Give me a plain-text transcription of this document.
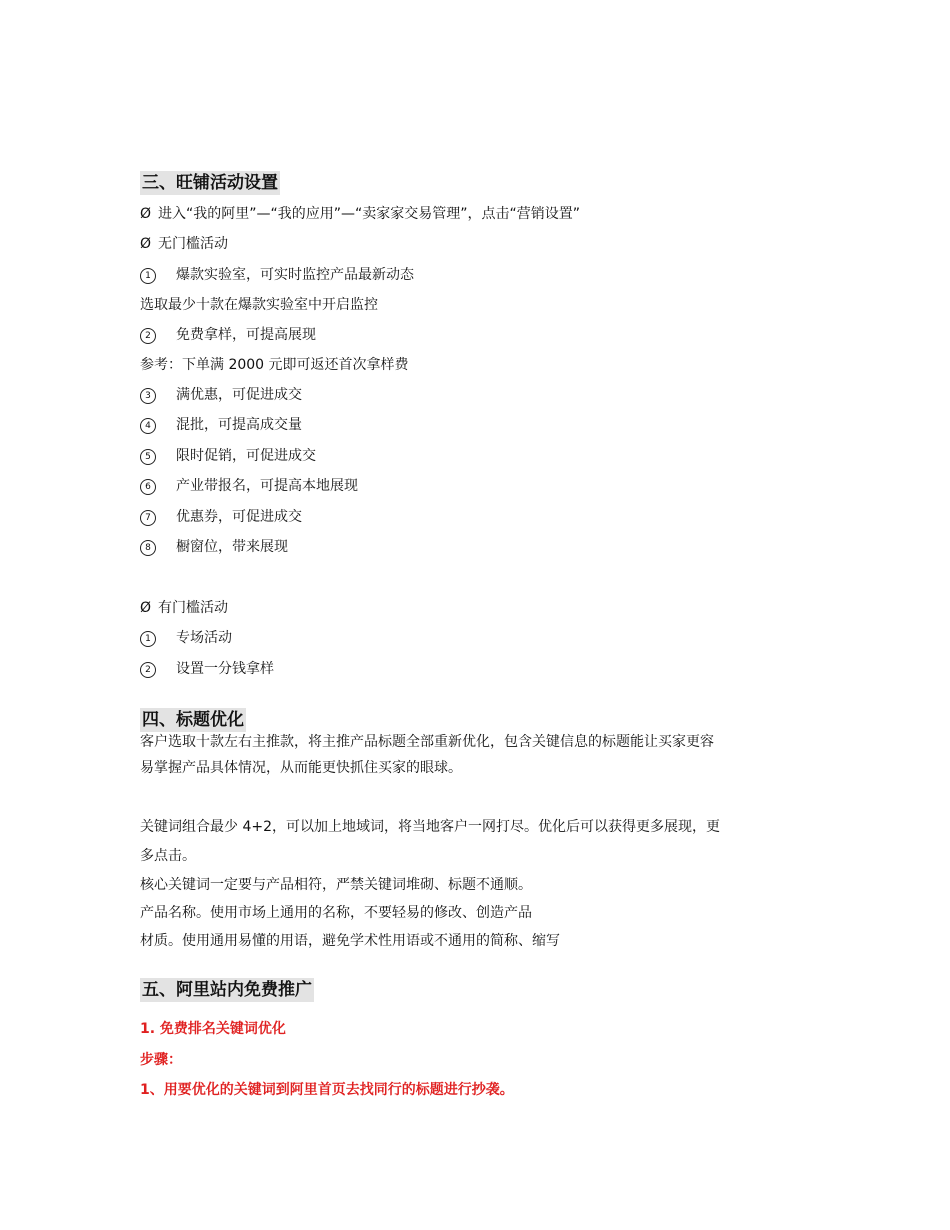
三、旺铺活动设置
Ø 进入“我的阿里”—“我的应用”—“卖家家交易管理”，点击“营销设置”
Ø 无门槛活动
1 爆款实验室，可实时监控产品最新动态
选取最少十款在爆款实验室中开启监控
2 免费拿样，可提高展现
参考：下单满 2000 元即可返还首次拿样费
3 满优惠，可促进成交
4 混批，可提高成交量
5 限时促销，可促进成交
6 产业带报名，可提高本地展现
7 优惠券，可促进成交
8 橱窗位，带来展现
Ø 有门槛活动
1 专场活动
2 设置一分钱拿样
四、标题优化
客户选取十款左右主推款，将主推产品标题全部重新优化，包含关键信息的标题能让买家更容
易掌握产品具体情况，从而能更快抓住买家的眼球。
关键词组合最少 4+2，可以加上地域词，将当地客户一网打尽。优化后可以获得更多展现，更
多点击。
核心关键词一定要与产品相符，严禁关键词堆砌、标题不通顺。
产品名称。使用市场上通用的名称，不要轻易的修改、创造产品
材质。使用通用易懂的用语，避免学术性用语或不通用的简称、缩写
五、阿里站内免费推广
1. 免费排名关键词优化
步骤：
1、用要优化的关键词到阿里首页去找同行的标题进行抄袭。
